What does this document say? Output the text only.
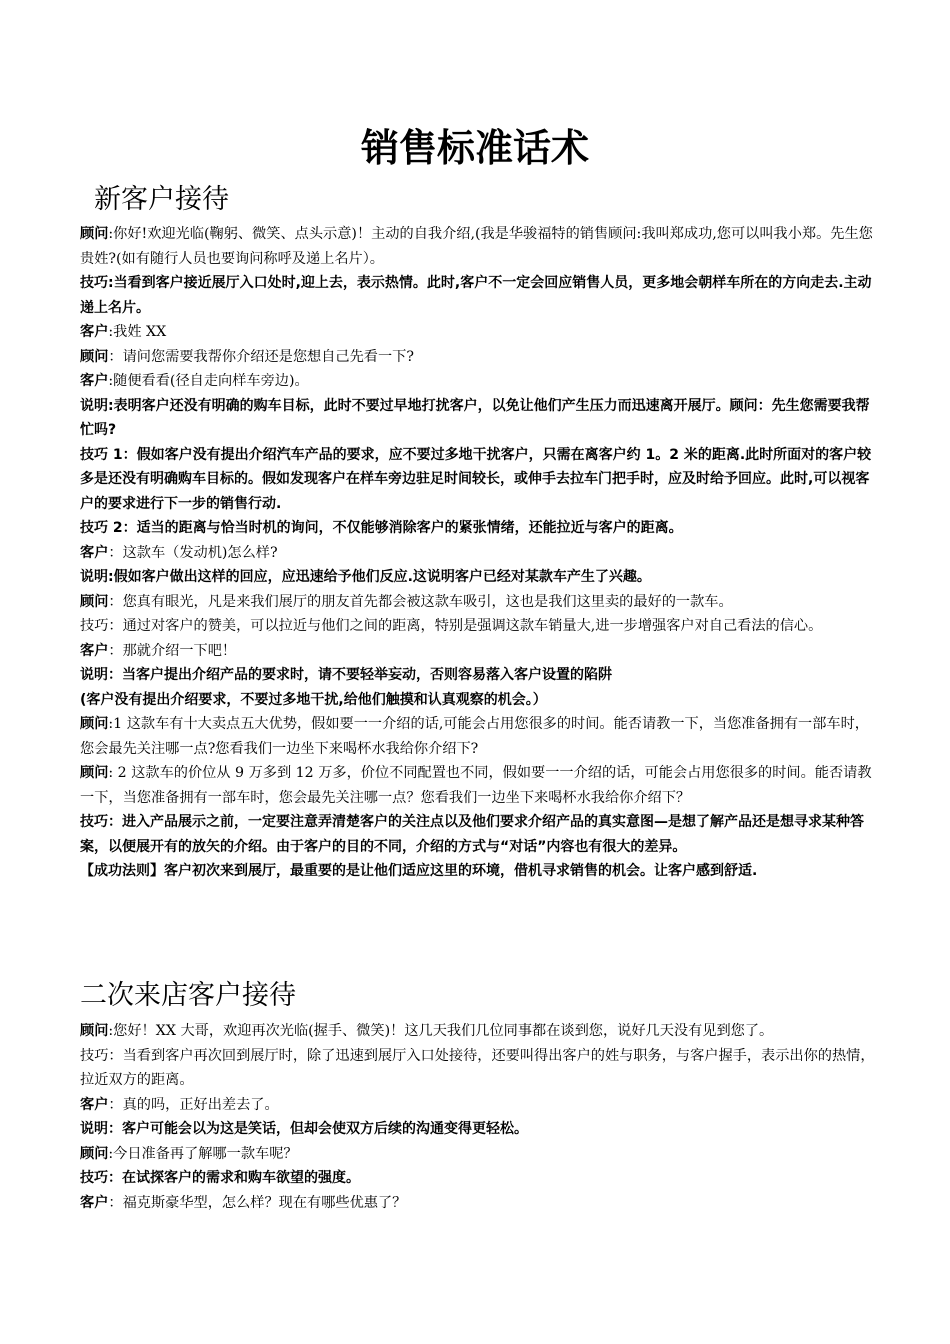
销售标准话术
新客户接待

顾问:你好!欢迎光临(鞠躬、微笑、点头示意)！主动的自我介绍,(我是华骏福特的销售顾问:我叫郑成功,您可以叫我小郑。先生您贵姓?(如有随行人员也要询问称呼及递上名片）。

技巧:当看到客户接近展厅入口处时,迎上去，表示热情。此时,客户不一定会回应销售人员，更多地会朝样车所在的方向走去.主动递上名片。

客户:我姓 XX

顾问：请问您需要我帮你介绍还是您想自己先看一下?

客户:随便看看(径自走向样车旁边)。

说明:表明客户还没有明确的购车目标，此时不要过早地打扰客户，以免让他们产生压力而迅速离开展厅。顾问：先生您需要我帮忙吗?

技巧 1：假如客户没有提出介绍汽车产品的要求，应不要过多地干扰客户，只需在离客户约 1。2 米的距离.此时所面对的客户较多是还没有明确购车目标的。假如发现客户在样车旁边驻足时间较长，或伸手去拉车门把手时，应及时给予回应。此时,可以视客户的要求进行下一步的销售行动.

技巧 2：适当的距离与恰当时机的询问，不仅能够消除客户的紧张情绪，还能拉近与客户的距离。

客户：这款车（发动机)怎么样?

说明:假如客户做出这样的回应，应迅速给予他们反应.这说明客户已经对某款车产生了兴趣。

顾问：您真有眼光，凡是来我们展厅的朋友首先都会被这款车吸引，这也是我们这里卖的最好的一款车。

技巧：通过对客户的赞美，可以拉近与他们之间的距离，特别是强调这款车销量大,进一步增强客户对自己看法的信心。

客户：那就介绍一下吧！

说明：当客户提出介绍产品的要求时，请不要轻举妄动，否则容易落入客户设置的陷阱

(客户没有提出介绍要求，不要过多地干扰,给他们触摸和认真观察的机会。）

顾问:1 这款车有十大卖点五大优势，假如要一一介绍的话,可能会占用您很多的时间。能否请教一下，当您准备拥有一部车时，您会最先关注哪一点?您看我们一边坐下来喝杯水我给你介绍下?

顾问: 2 这款车的价位从 9 万多到 12 万多，价位不同配置也不同，假如要一一介绍的话，可能会占用您很多的时间。能否请教一下，当您准备拥有一部车时，您会最先关注哪一点？您看我们一边坐下来喝杯水我给你介绍下？

技巧：进入产品展示之前，一定要注意弄清楚客户的关注点以及他们要求介绍产品的真实意图—是想了解产品还是想寻求某种答案，以便展开有的放矢的介绍。由于客户的目的不同，介绍的方式与“对话”内容也有很大的差异。

【成功法则】客户初次来到展厅，最重要的是让他们适应这里的环境，借机寻求销售的机会。让客户感到舒适.

二次来店客户接待

顾问:您好！XX 大哥，欢迎再次光临(握手、微笑)！这几天我们几位同事都在谈到您，说好几天没有见到您了。

技巧：当看到客户再次回到展厅时，除了迅速到展厅入口处接待，还要叫得出客户的姓与职务，与客户握手，表示出你的热情，拉近双方的距离。

客户：真的吗，正好出差去了。

说明：客户可能会以为这是笑话，但却会使双方后续的沟通变得更轻松。

顾问:今日准备再了解哪一款车呢？

技巧：在试探客户的需求和购车欲望的强度。

客户：福克斯豪华型，怎么样？现在有哪些优惠了？
